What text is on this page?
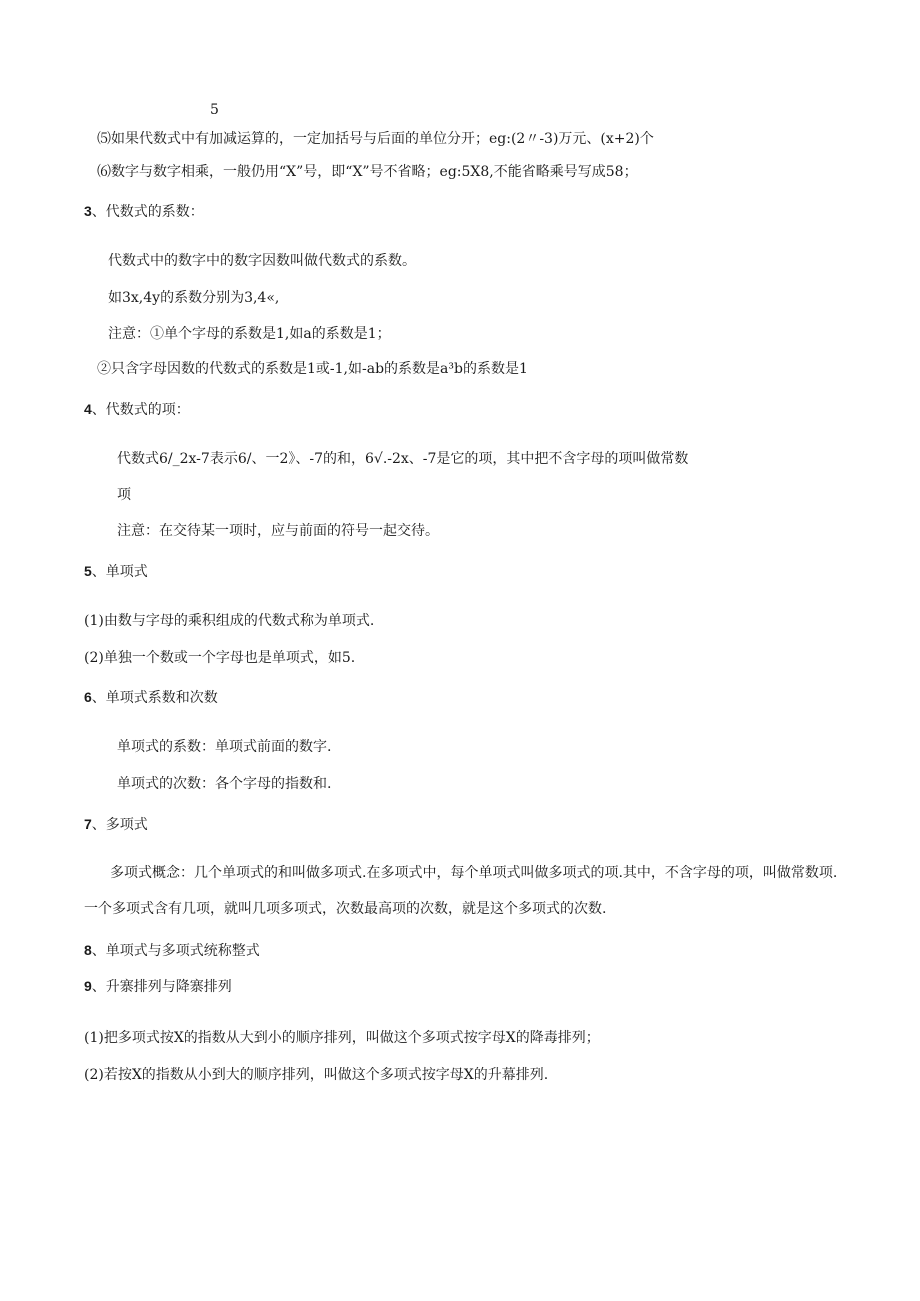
5
⑸如果代数式中有加减运算的，一定加括号与后面的单位分开；eg:(2〃-3)万元、(x+2)个
⑹数字与数字相乘，一般仍用“X”号，即“X”号不省略；eg:5X8,不能省略乘号写成58；
3、代数式的系数：
代数式中的数字中的数字因数叫做代数式的系数。
如3x,4y的系数分别为3,4«,
注意：①单个字母的系数是1,如a的系数是1；
②只含字母因数的代数式的系数是1或-1,如-ab的系数是a³b的系数是1
4、代数式的项：
代数式6/_2x-7表示6/、一2》、-7的和，6√.-2x、-7是它的项，其中把不含字母的项叫做常数
项
注意：在交待某一项时，应与前面的符号一起交待。
5、单项式
(1)由数与字母的乘积组成的代数式称为单项式.
(2)单独一个数或一个字母也是单项式，如5.
6、单项式系数和次数
单项式的系数：单项式前面的数字.
单项式的次数：各个字母的指数和.
7、多项式
多项式概念：几个单项式的和叫做多项式.在多项式中，每个单项式叫做多项式的项.其中，不含字母的项，叫做常数项.一个多项式含有几项，就叫几项多项式，次数最高项的次数，就是这个多项式的次数.
8、单项式与多项式统称整式
9、升寨排列与降寨排列
(1)把多项式按X的指数从大到小的顺序排列，叫做这个多项式按字母X的降毒排列；
(2)若按X的指数从小到大的顺序排列，叫做这个多项式按字母X的升幕排列.
